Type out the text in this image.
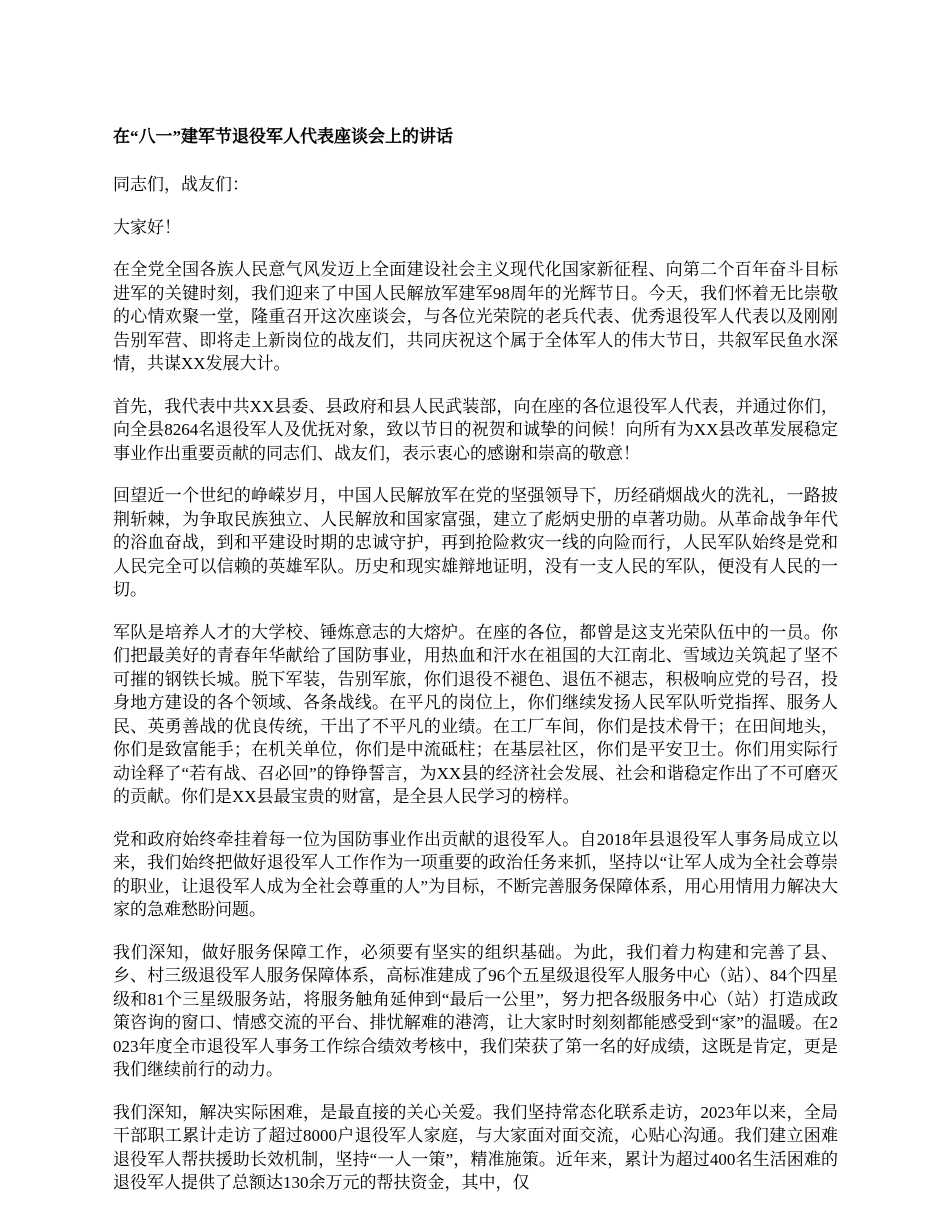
在“八一”建军节退役军人代表座谈会上的讲话

同志们，战友们：

大家好！

在全党全国各族人民意气风发迈上全面建设社会主义现代化国家新征程、向第二个百年奋斗目标进军的关键时刻，我们迎来了中国人民解放军建军98周年的光辉节日。今天，我们怀着无比崇敬的心情欢聚一堂，隆重召开这次座谈会，与各位光荣院的老兵代表、优秀退役军人代表以及刚刚告别军营、即将走上新岗位的战友们，共同庆祝这个属于全体军人的伟大节日，共叙军民鱼水深情，共谋XX发展大计。

首先，我代表中共XX县委、县政府和县人民武装部，向在座的各位退役军人代表，并通过你们，向全县8264名退役军人及优抚对象，致以节日的祝贺和诚挚的问候！向所有为XX县改革发展稳定事业作出重要贡献的同志们、战友们，表示衷心的感谢和崇高的敬意！

回望近一个世纪的峥嵘岁月，中国人民解放军在党的坚强领导下，历经硝烟战火的洗礼，一路披荆斩棘，为争取民族独立、人民解放和国家富强，建立了彪炳史册的卓著功勋。从革命战争年代的浴血奋战，到和平建设时期的忠诚守护，再到抢险救灾一线的向险而行，人民军队始终是党和人民完全可以信赖的英雄军队。历史和现实雄辩地证明，没有一支人民的军队，便没有人民的一切。

军队是培养人才的大学校、锤炼意志的大熔炉。在座的各位，都曾是这支光荣队伍中的一员。你们把最美好的青春年华献给了国防事业，用热血和汗水在祖国的大江南北、雪域边关筑起了坚不可摧的钢铁长城。脱下军装，告别军旅，你们退役不褪色、退伍不褪志，积极响应党的号召，投身地方建设的各个领域、各条战线。在平凡的岗位上，你们继续发扬人民军队听党指挥、服务人民、英勇善战的优良传统，干出了不平凡的业绩。在工厂车间，你们是技术骨干；在田间地头，你们是致富能手；在机关单位，你们是中流砥柱；在基层社区，你们是平安卫士。你们用实际行动诠释了“若有战、召必回”的铮铮誓言，为XX县的经济社会发展、社会和谐稳定作出了不可磨灭的贡献。你们是XX县最宝贵的财富，是全县人民学习的榜样。

党和政府始终牵挂着每一位为国防事业作出贡献的退役军人。自2018年县退役军人事务局成立以来，我们始终把做好退役军人工作作为一项重要的政治任务来抓，坚持以“让军人成为全社会尊崇的职业，让退役军人成为全社会尊重的人”为目标，不断完善服务保障体系，用心用情用力解决大家的急难愁盼问题。

我们深知，做好服务保障工作，必须要有坚实的组织基础。为此，我们着力构建和完善了县、乡、村三级退役军人服务保障体系，高标准建成了96个五星级退役军人服务中心（站）、84个四星级和81个三星级服务站，将服务触角延伸到“最后一公里”，努力把各级服务中心（站）打造成政策咨询的窗口、情感交流的平台、排忧解难的港湾，让大家时时刻刻都能感受到“家”的温暖。在2023年度全市退役军人事务工作综合绩效考核中，我们荣获了第一名的好成绩，这既是肯定，更是我们继续前行的动力。

我们深知，解决实际困难，是最直接的关心关爱。我们坚持常态化联系走访，2023年以来，全局干部职工累计走访了超过8000户退役军人家庭，与大家面对面交流，心贴心沟通。我们建立困难退役军人帮扶援助长效机制，坚持“一人一策”，精准施策。近年来，累计为超过400名生活困难的退役军人提供了总额达130余万元的帮扶资金，其中，仅
